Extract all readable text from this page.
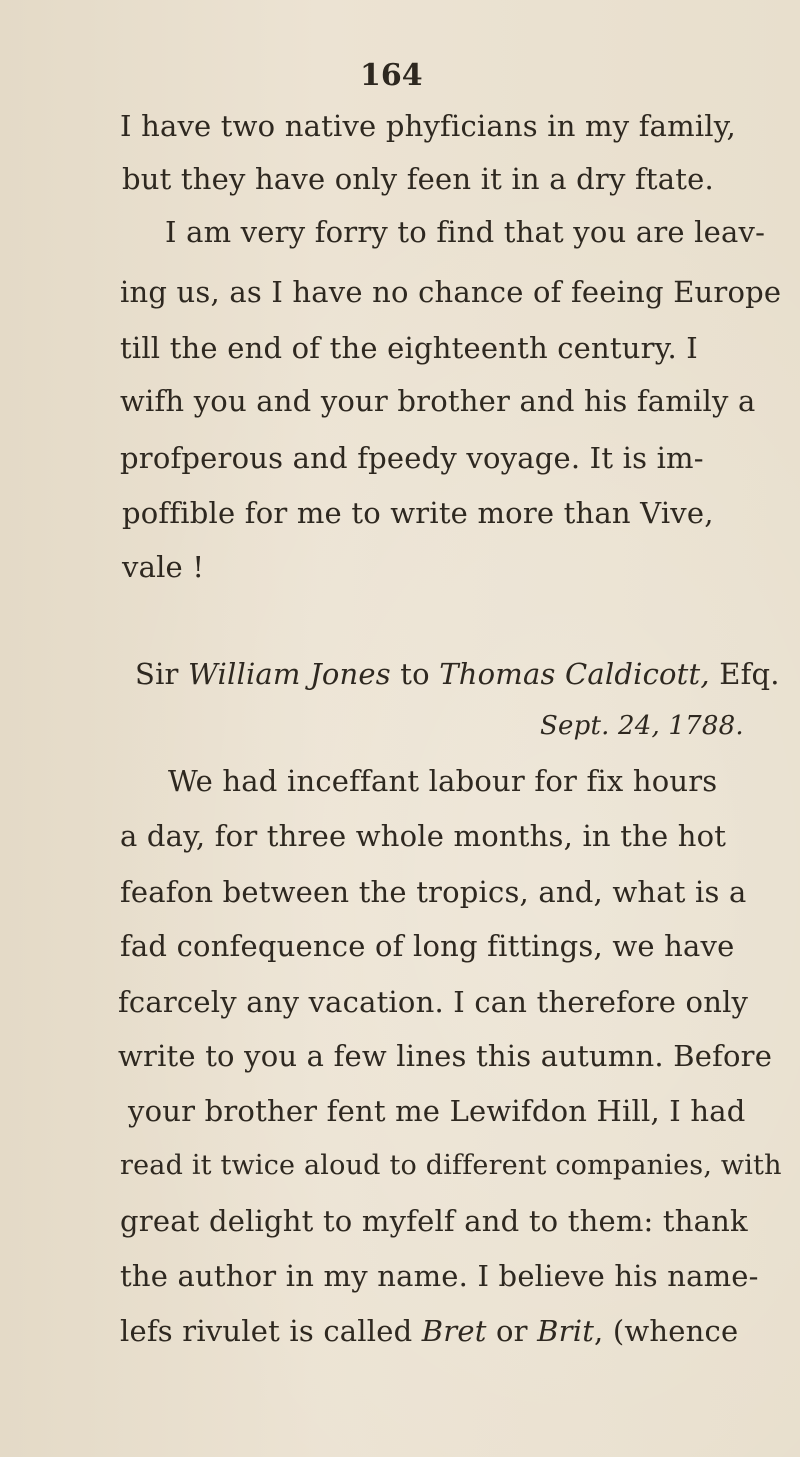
164
I have two native phyficians in my family,
but they have only feen it in a dry ftate.
I am very forry to find that you are leav-
ing us, as I have no chance of feeing Europe
till the end of the eighteenth century. I
wifh you and your brother and his family a
profperous and fpeedy voyage. It is im-
poffible for me to write more than Vive,
vale !
Sir William Jones to Thomas Caldicott, Efq.
Sept. 24, 1788.
We had inceffant labour for fix hours
a day, for three whole months, in the hot
feafon between the tropics, and, what is a
fad confequence of long fittings, we have
fcarcely any vacation. I can therefore only
write to you a few lines this autumn. Before
your brother fent me Lewifdon Hill, I had
read it twice aloud to different companies, with
great delight to myfelf and to them: thank
the author in my name. I believe his name-
lefs rivulet is called Bret or Brit, (whence
